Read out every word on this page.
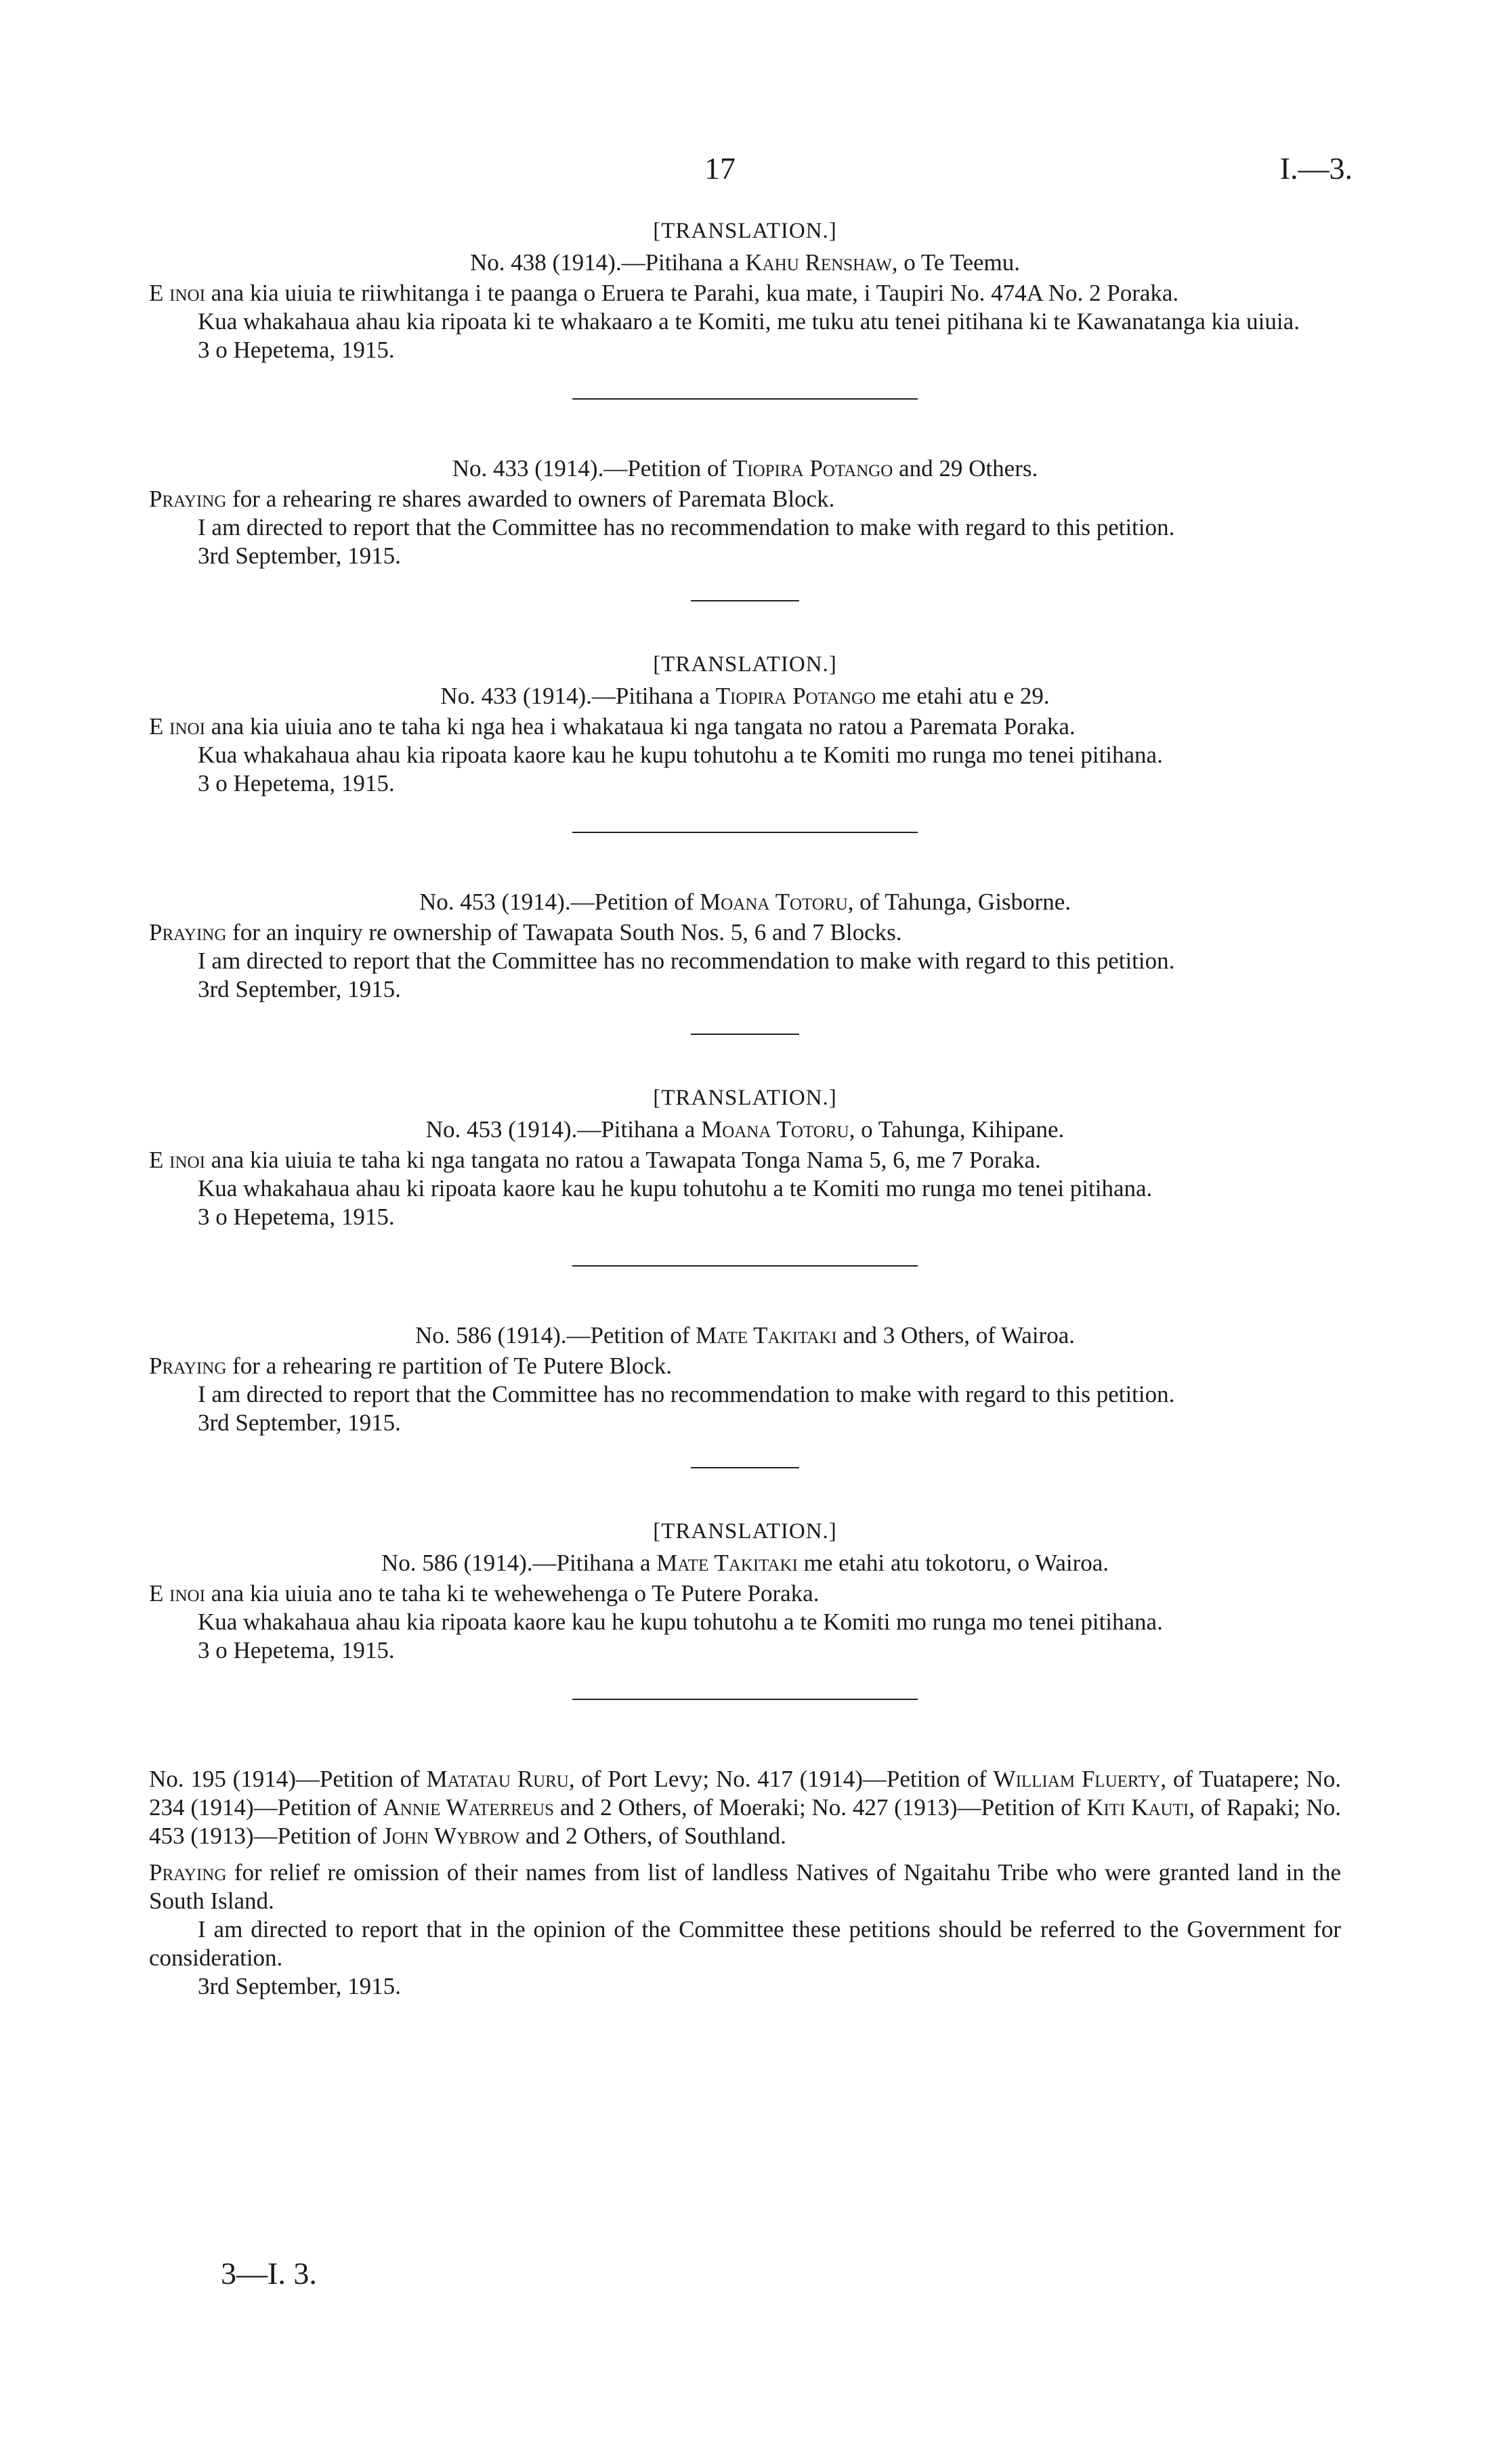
17	I.—3.
[TRANSLATION.]
No. 438 (1914).—Pitihana a Kahu Renshaw, o Te Teemu.

E inoi ana kia uiuia te riiwhitanga i te paanga o Eruera te Parahi, kua mate, i Taupiri No. 474A No. 2 Poraka.

Kua whakahaua ahau kia ripoata ki te whakaaro a te Komiti, me tuku atu tenei pitihana ki te Kawanatanga kia uiuia.

3 o Hepetema, 1915.
No. 433 (1914).—Petition of Tiopira Potango and 29 Others.

Praying for a rehearing re shares awarded to owners of Paremata Block.

I am directed to report that the Committee has no recommendation to make with regard to this petition.

3rd September, 1915.
[TRANSLATION.]
No. 433 (1914).—Pitihana a Tiopira Potango me etahi atu e 29.

E inoi ana kia uiuia ano te taha ki nga hea i whakataua ki nga tangata no ratou a Paremata Poraka.

Kua whakahaua ahau kia ripoata kaore kau he kupu tohutohu a te Komiti mo runga mo tenei pitihana.

3 o Hepetema, 1915.
No. 453 (1914).—Petition of Moana Totoru, of Tahunga, Gisborne.

Praying for an inquiry re ownership of Tawapata South Nos. 5, 6 and 7 Blocks.

I am directed to report that the Committee has no recommendation to make with regard to this petition.

3rd September, 1915.
[TRANSLATION.]
No. 453 (1914).—Pitihana a Moana Totoru, o Tahunga, Kihipane.

E inoi ana kia uiuia te taha ki nga tangata no ratou a Tawapata Tonga Nama 5, 6, me 7 Poraka.

Kua whakahaua ahau ki ripoata kaore kau he kupu tohutohu a te Komiti mo runga mo tenei pitihana.

3 o Hepetema, 1915.
No. 586 (1914).—Petition of Mate Takitaki and 3 Others, of Wairoa.

Praying for a rehearing re partition of Te Putere Block.

I am directed to report that the Committee has no recommendation to make with regard to this petition.

3rd September, 1915.
[TRANSLATION.]
No. 586 (1914).—Pitihana a Mate Takitaki me etahi atu tokotoru, o Wairoa.

E inoi ana kia uiuia ano te taha ki te wehewehenga o Te Putere Poraka.

Kua whakahaua ahau kia ripoata kaore kau he kupu tohutohu a te Komiti mo runga mo tenei pitihana.

3 o Hepetema, 1915.

No. 195 (1914)—Petition of Matatau Ruru, of Port Levy; No. 417 (1914)—Petition of William Fluerty, of Tuatapere; No. 234 (1914)—Petition of Annie Waterreus and 2 Others, of Moeraki; No. 427 (1913)—Petition of Kiti Kauti, of Rapaki; No. 453 (1913)—Petition of John Wybrow and 2 Others, of Southland.

Praying for relief re omission of their names from list of landless Natives of Ngaitahu Tribe who were granted land in the South Island.

I am directed to report that in the opinion of the Committee these petitions should be referred to the Government for consideration.

3rd September, 1915.
3—I. 3.
